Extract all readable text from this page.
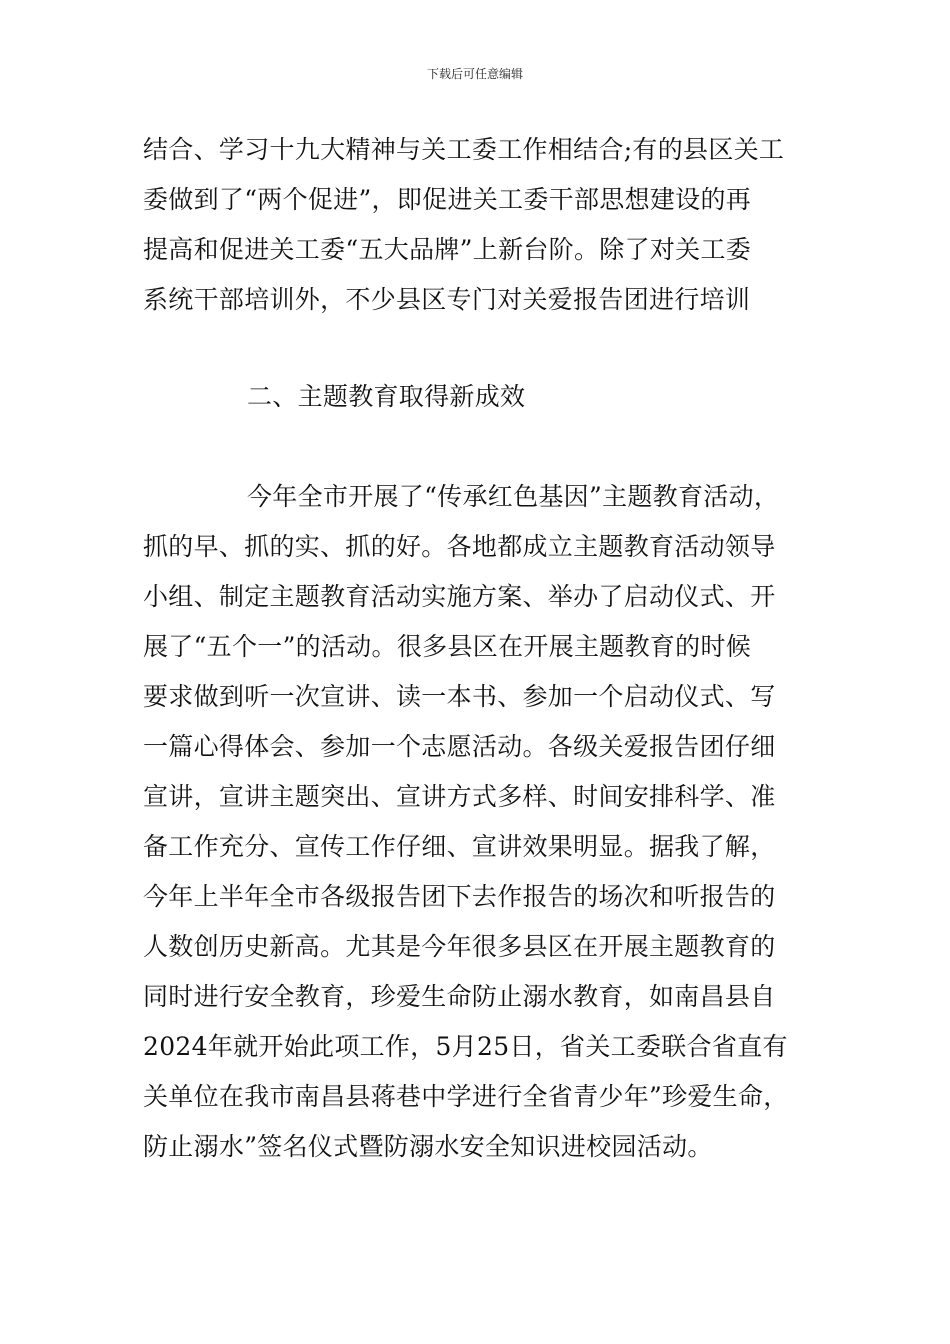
下载后可任意编辑
结合、学习十九大精神与关工委工作相结合;有的县区关工
委做到了“两个促进”，即促进关工委干部思想建设的再
提高和促进关工委“五大品牌”上新台阶。除了对关工委
系统干部培训外，不少县区专门对关爱报告团进行培训
二、主题教育取得新成效
今年全市开展了“传承红色基因”主题教育活动，
抓的早、抓的实、抓的好。各地都成立主题教育活动领导
小组、制定主题教育活动实施方案、举办了启动仪式、开
展了“五个一”的活动。很多县区在开展主题教育的时候
要求做到听一次宣讲、读一本书、参加一个启动仪式、写
一篇心得体会、参加一个志愿活动。各级关爱报告团仔细
宣讲，宣讲主题突出、宣讲方式多样、时间安排科学、准
备工作充分、宣传工作仔细、宣讲效果明显。据我了解，
今年上半年全市各级报告团下去作报告的场次和听报告的
人数创历史新高。尤其是今年很多县区在开展主题教育的
同时进行安全教育，珍爱生命防止溺水教育，如南昌县自
2024年就开始此项工作，5月25日，省关工委联合省直有
关单位在我市南昌县蒋巷中学进行全省青少年”珍爱生命，
防止溺水”签名仪式暨防溺水安全知识进校园活动。
